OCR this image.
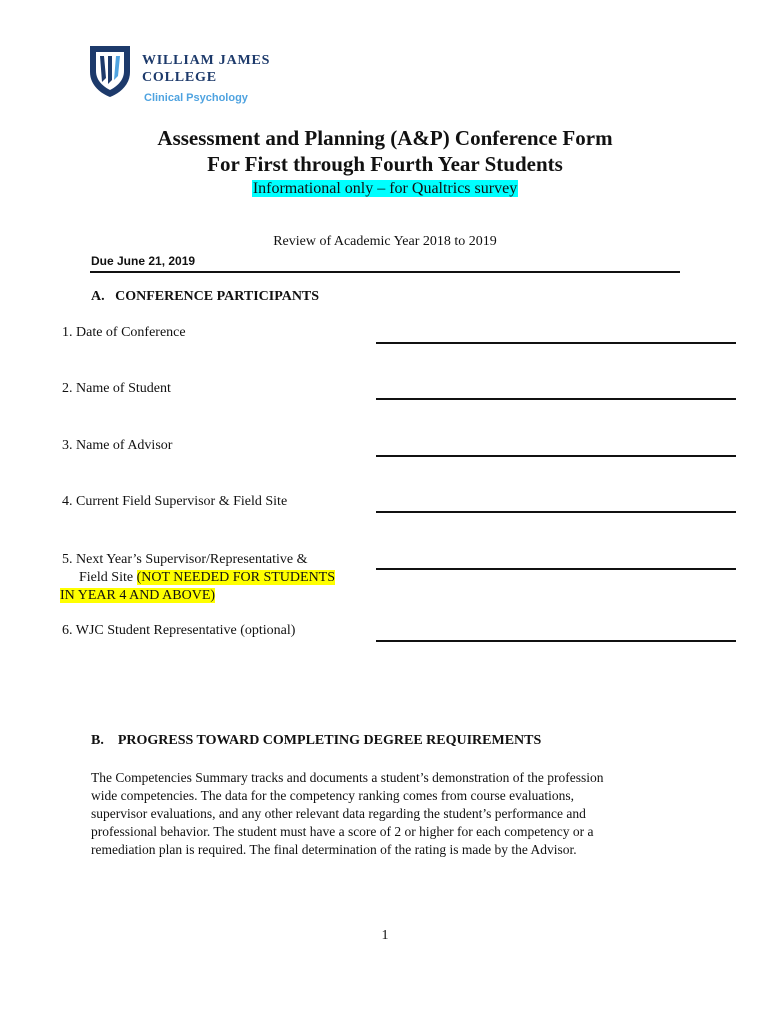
WILLIAM JAMES
COLLEGE
Clinical Psychology
Assessment and Planning (A&P) Conference Form
For First through Fourth Year Students
Informational only – for Qualtrics survey
Review of Academic Year 2018 to 2019
Due June 21, 2019
A.   CONFERENCE PARTICIPANTS
1. Date of Conference
2. Name of Student
3. Name of Advisor
4. Current Field Supervisor & Field Site
5. Next Year’s Supervisor/Representative &
Field Site (NOT NEEDED FOR STUDENTS
IN YEAR 4 AND ABOVE)
6. WJC Student Representative (optional)
B.    PROGRESS TOWARD COMPLETING DEGREE REQUIREMENTS
The Competencies Summary tracks and documents a student’s demonstration of the profession
wide competencies. The data for the competency ranking comes from course evaluations,
supervisor evaluations, and any other relevant data regarding the student’s performance and
professional behavior. The student must have a score of 2 or higher for each competency or a
remediation plan is required. The final determination of the rating is made by the Advisor.
1
